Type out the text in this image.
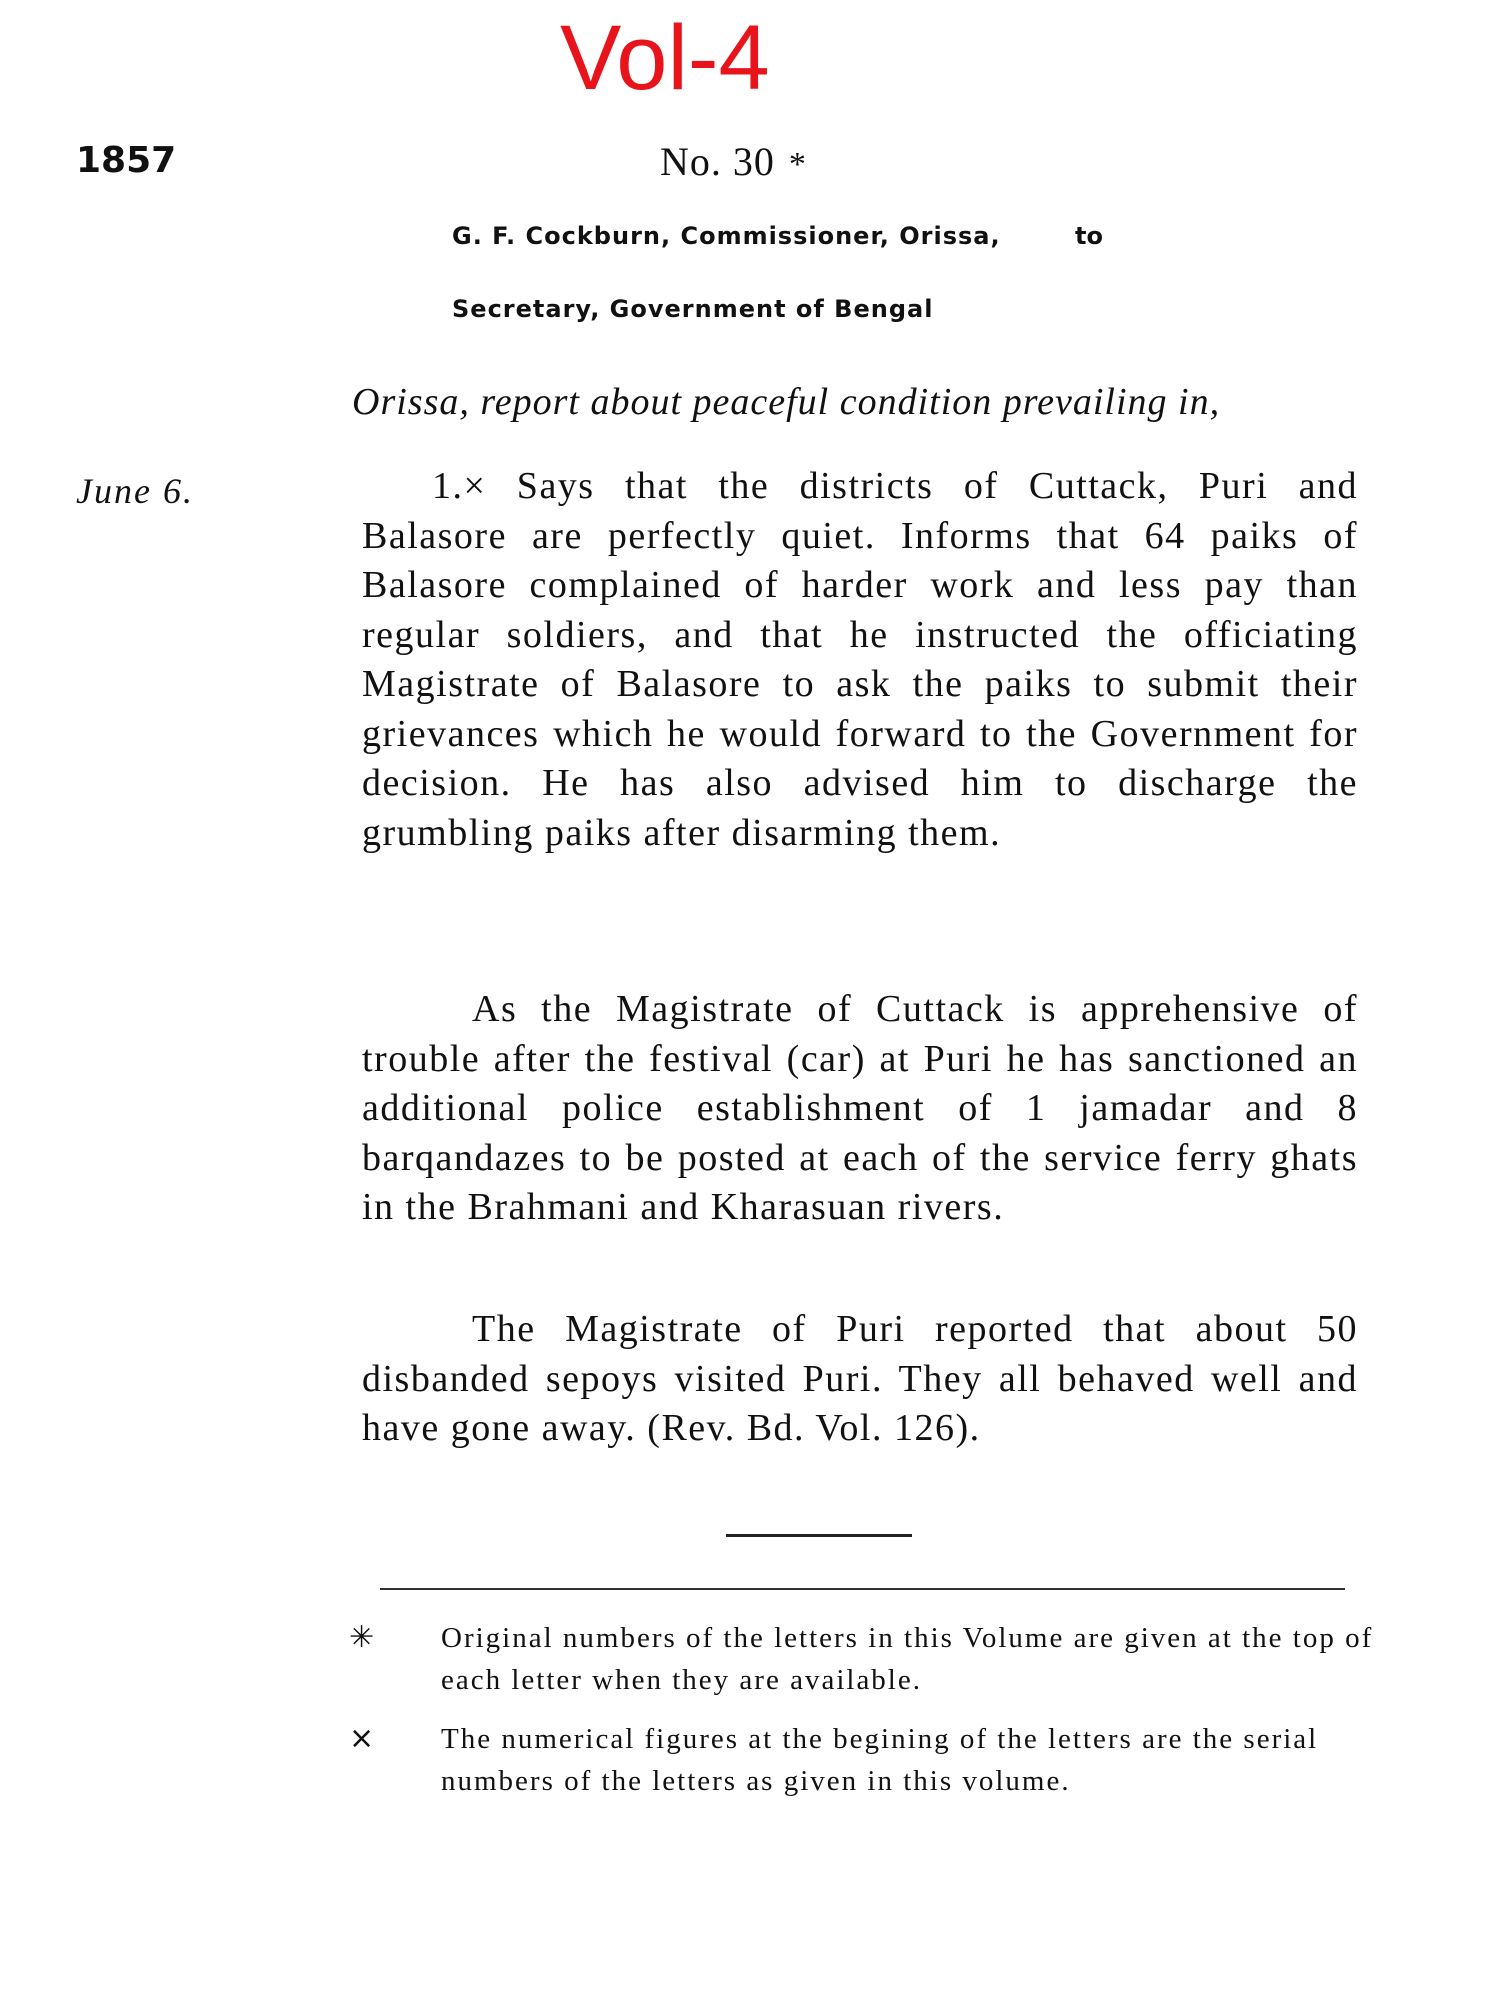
Vol-4
1857	No. 30 *
G. F. Cockburn, Commissioner, Orissa,	to
Secretary, Government of Bengal
Orissa, report about peaceful condition prevailing in,
June 6.	1.× Says that the districts of Cuttack, Puri and Balasore are perfectly quiet. Informs that 64 paiks of Balasore complained of harder work and less pay than regular soldiers, and that he instructed the officiating Magistrate of Balasore to ask the paiks to submit their grievances which he would forward to the Government for decision. He has also advised him to discharge the grumbling paiks after disarming them.
As the Magistrate of Cuttack is apprehensive of trouble after the festival (car) at Puri he has sanctioned an additional police establishment of 1 jamadar and 8 barqandazes to be posted at each of the service ferry ghats in the Brahmani and Kharasuan rivers.
The Magistrate of Puri reported that about 50 disbanded sepoys visited Puri. They all behaved well and have gone away. (Rev. Bd. Vol. 126).
✳	Original numbers of the letters in this Volume are given at the top of each letter when they are available.
×	The numerical figures at the begining of the letters are the serial numbers of the letters as given in this volume.
